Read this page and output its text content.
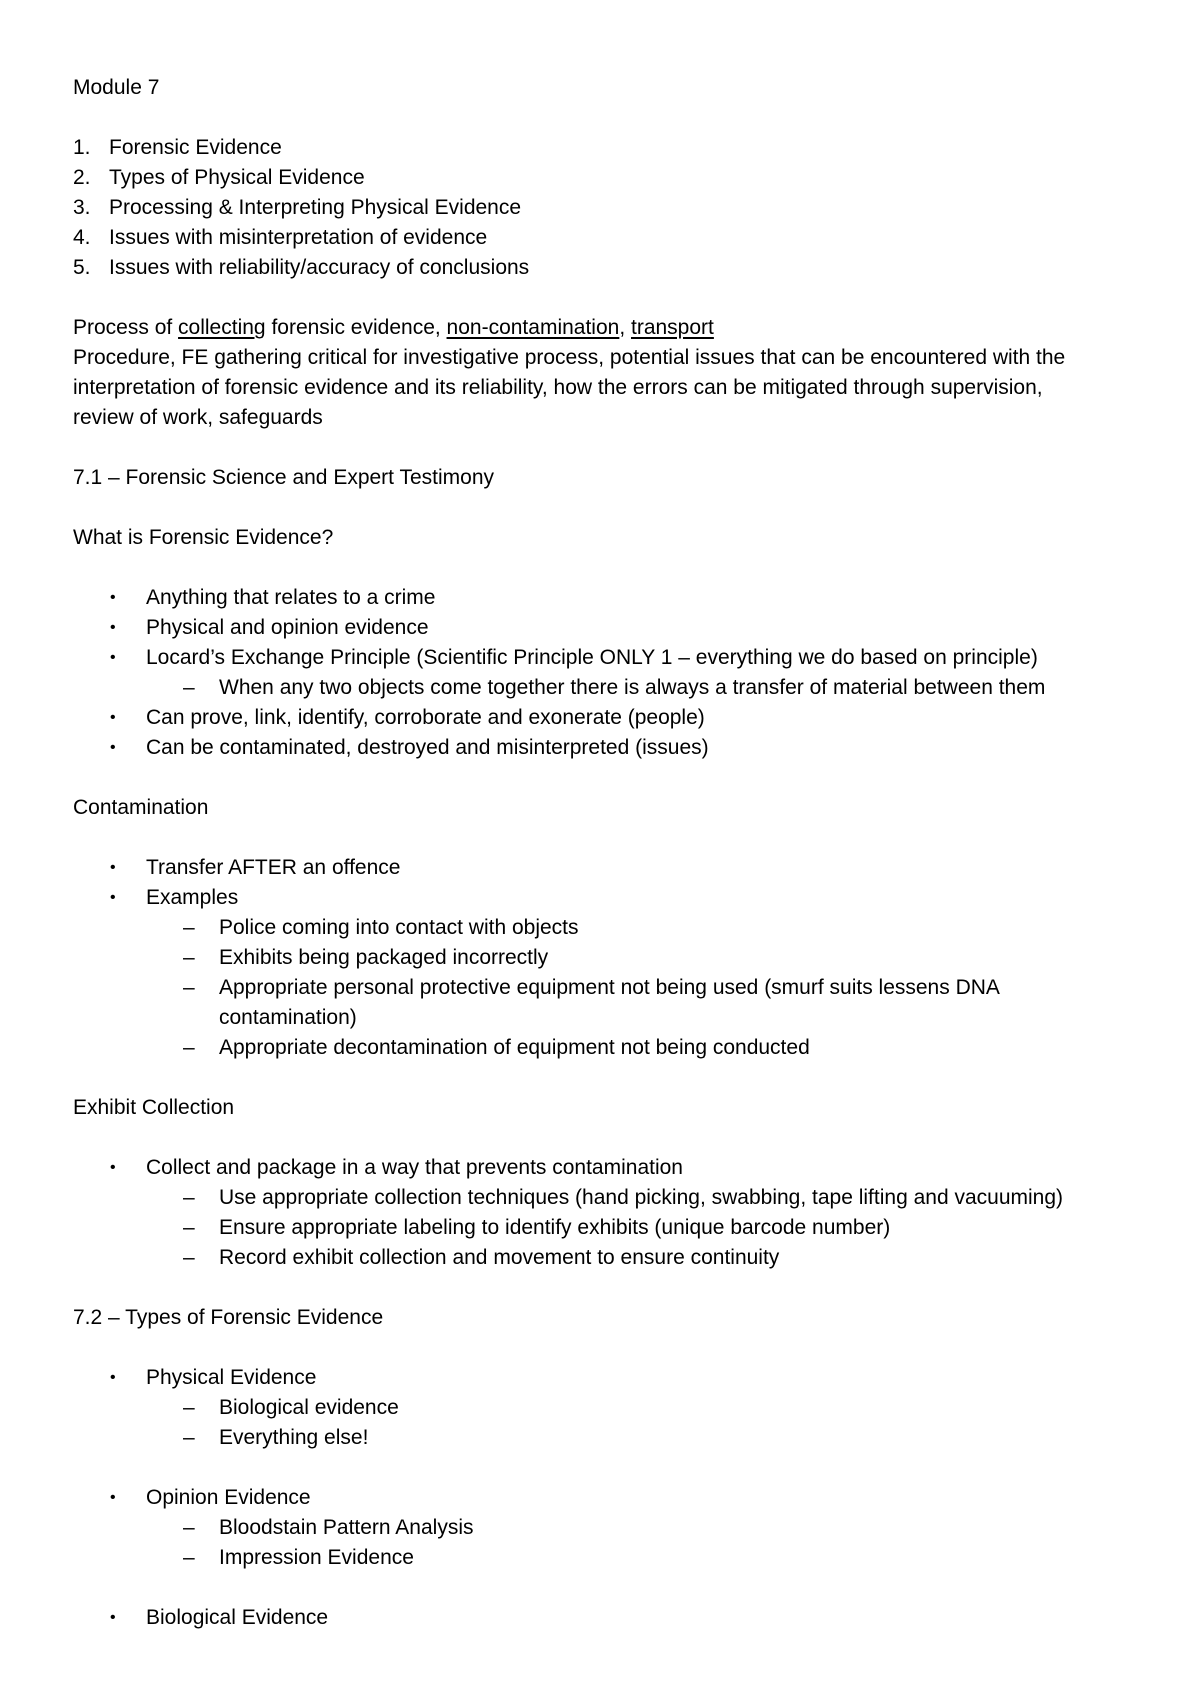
Module 7
1. Forensic Evidence
2. Types of Physical Evidence
3. Processing & Interpreting Physical Evidence
4. Issues with misinterpretation of evidence
5. Issues with reliability/accuracy of conclusions
Process of collecting forensic evidence, non-contamination, transport
Procedure, FE gathering critical for investigative process, potential issues that can be encountered with the
interpretation of forensic evidence and its reliability, how the errors can be mitigated through supervision,
review of work, safeguards
7.1 – Forensic Science and Expert Testimony
What is Forensic Evidence?
• Anything that relates to a crime
• Physical and opinion evidence
• Locard’s Exchange Principle (Scientific Principle ONLY 1 – everything we do based on principle)
– When any two objects come together there is always a transfer of material between them
• Can prove, link, identify, corroborate and exonerate (people)
• Can be contaminated, destroyed and misinterpreted (issues)
Contamination
• Transfer AFTER an offence
• Examples
– Police coming into contact with objects
– Exhibits being packaged incorrectly
– Appropriate personal protective equipment not being used (smurf suits lessens DNA
contamination)
– Appropriate decontamination of equipment not being conducted
Exhibit Collection
• Collect and package in a way that prevents contamination
– Use appropriate collection techniques (hand picking, swabbing, tape lifting and vacuuming)
– Ensure appropriate labeling to identify exhibits (unique barcode number)
– Record exhibit collection and movement to ensure continuity
7.2 – Types of Forensic Evidence
• Physical Evidence
– Biological evidence
– Everything else!
• Opinion Evidence
– Bloodstain Pattern Analysis
– Impression Evidence
• Biological Evidence
